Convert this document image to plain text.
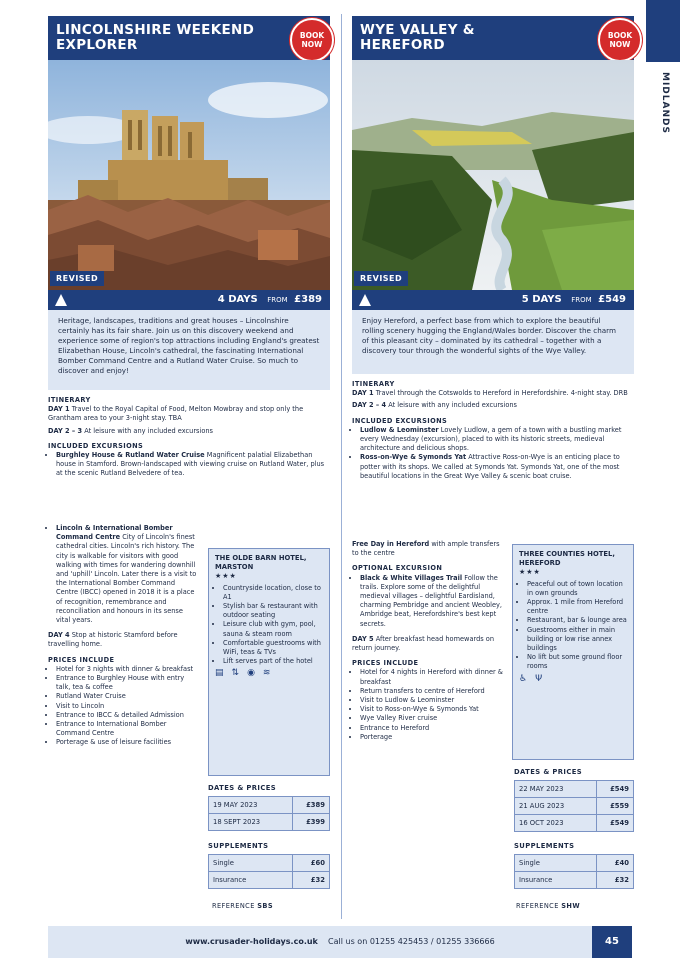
MIDLANDS
LINCOLNSHIRE WEEKEND EXPLORER
BOOK NOW
REVISED
4 DAYS FROM £389
Heritage, landscapes, traditions and great houses – Lincolnshire certainly has its fair share. Join us on this discovery weekend and experience some of region's top attractions including England's greatest Elizabethan House, Lincoln's cathedral, the fascinating International Bomber Command Centre and a Rutland Water Cruise. So much to discover and enjoy!
ITINERARY

DAY 1 Travel to the Royal Capital of Food, Melton Mowbray and stop only the Grantham area to your 3-night stay. TBA

DAY 2 – 3 At leisure with any included excursions

INCLUDED EXCURSIONS
• Burghley House & Rutland Water Cruise Magnificent palatial Elizabethan house in Stamford. Brown-landscaped with viewing cruise on Rutland Water, plus at the scenic Rutland Belvedere of tea.
• Lincoln & International Bomber Command Centre City of Lincoln's finest cathedral cities. Lincoln's rich history. The city is walkable for visitors with good walking with times for wandering downhill and 'uphill' Lincoln. Later there is a visit to the International Bomber Command Centre (IBCC) opened in 2018 it is a place of recognition, remembrance and reconciliation and honours in its sense vital years.

DAY 4 Stop at historic Stamford before travelling home.

PRICES INCLUDE
• Hotel for 3 nights with dinner & breakfast
• Entrance to Burghley House with entry talk, tea & coffee
• Rutland Water Cruise
• Visit to Lincoln
• Entrance to IBCC & detailed Admission
• Entrance to International Bomber Command Centre
• Porterage & use of leisure facilities
THE OLDE BARN HOTEL, MARSTON
★★★
• Countryside location, close to A1
• Stylish bar & restaurant with outdoor seating
• Leisure club with gym, pool, sauna & steam room
• Comfortable guestrooms with WiFi, teas & TVs
• Lift serves part of the hotel
▤ ⇅ ◉ ≋
DATES & PRICES
19 MAY 2023	£389
18 SEPT 2023	£399
SUPPLEMENTS
Single	£60
Insurance	£32
REFERENCE SBS
WYE VALLEY & HEREFORD
BOOK NOW
REVISED
5 DAYS FROM £549
Enjoy Hereford, a perfect base from which to explore the beautiful rolling scenery hugging the England/Wales border. Discover the charm of this pleasant city – dominated by its cathedral – together with a discovery tour through the wonderful sights of the Wye Valley.
ITINERARY

DAY 1 Travel through the Cotswolds to Hereford in Herefordshire. 4-night stay. DRB

DAY 2 – 4 At leisure with any included excursions

INCLUDED EXCURSIONS
• Ludlow & Leominster Lovely Ludlow, a gem of a town with a bustling market every Wednesday (excursion), placed to with its historic streets, medieval architecture and delicious shops.
• Ross-on-Wye & Symonds Yat Attractive Ross-on-Wye is an enticing place to potter with its shops. We called at Symonds Yat. Symonds Yat, one of the most beautiful locations in the Great Wye Valley & scenic boat cruise.

Free Day in Hereford with ample transfers to the centre

OPTIONAL EXCURSION
• Black & White Villages Trail Follow the trails. Explore some of the delightful medieval villages – delightful Eardisland, charming Pembridge and ancient Weobley, Ambridge beat, Herefordshire's best kept secrets.

DAY 5 After breakfast head homewards on return journey.

PRICES INCLUDE
• Hotel for 4 nights in Hereford with dinner & breakfast
• Return transfers to centre of Hereford
• Visit to Ludlow & Leominster
• Visit to Ross-on-Wye & Symonds Yat
• Wye Valley River cruise
• Entrance to Hereford
• Porterage
THREE COUNTIES HOTEL, HEREFORD
★★★
• Peaceful out of town location in own grounds
• Approx. 1 mile from Hereford centre
• Restaurant, bar & lounge area
• Guestrooms either in main building or low rise annex buildings
• No lift but some ground floor rooms
♿ Ψ
DATES & PRICES
22 MAY 2023	£549
21 AUG 2023	£559
16 OCT 2023	£549
SUPPLEMENTS
Single	£40
Insurance	£32
REFERENCE SHW
www.crusader-holidays.co.uk Call us on 01255 425453 / 01255 336666	45
